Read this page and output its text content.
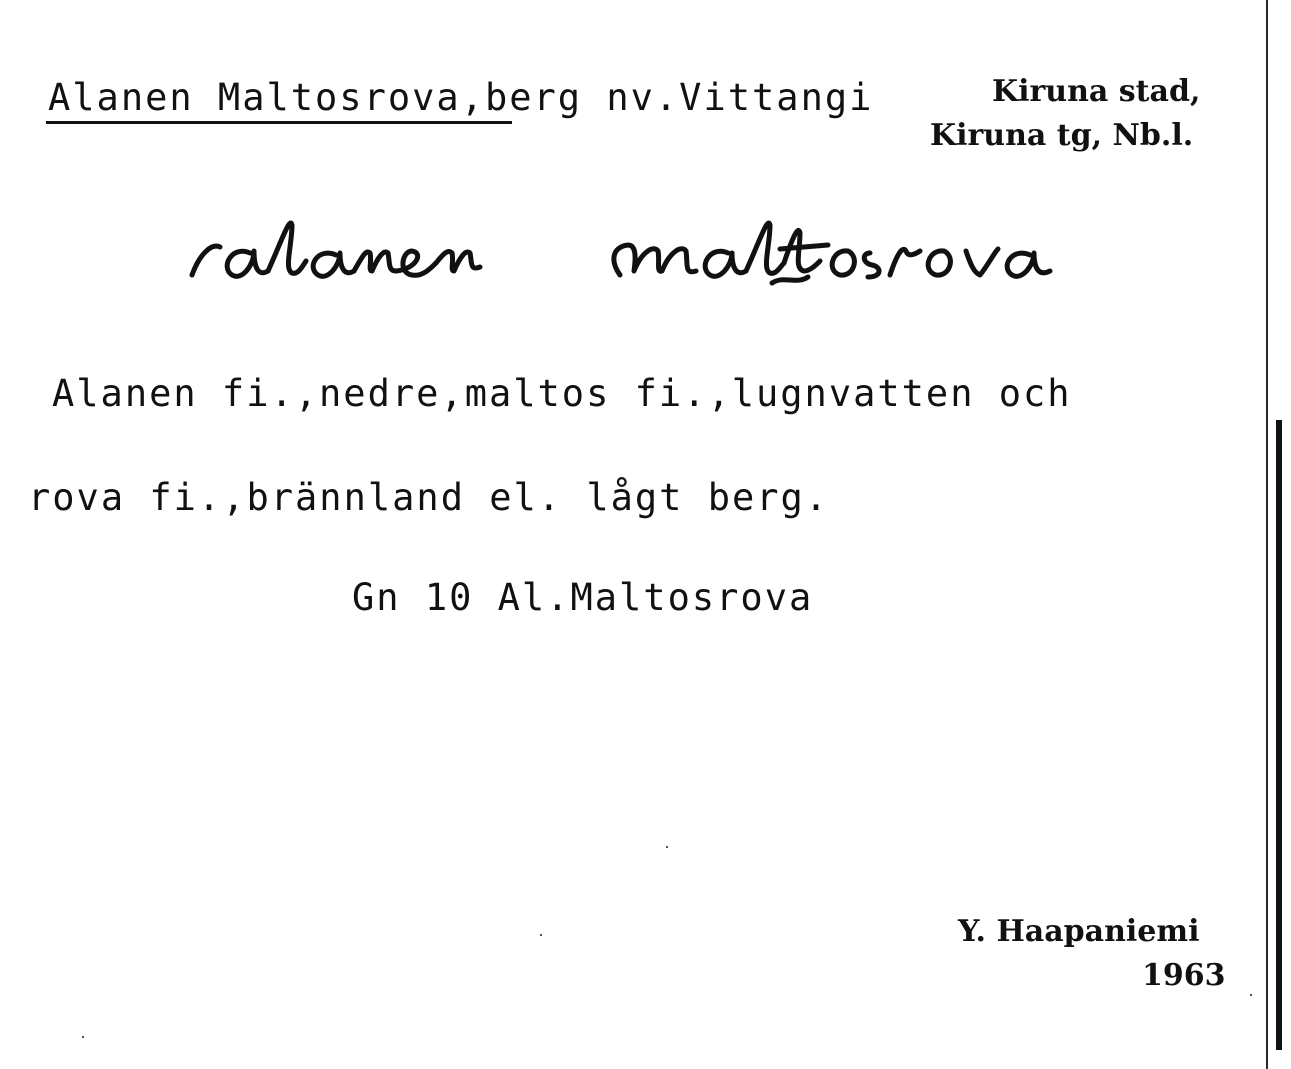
Alanen Maltosrova,berg nv.Vittangi	Kiruna stad,
Kiruna tg, Nb.l.
Alanen fi.,nedre,maltos fi.,lugnvatten och
rova fi.,brännland el. lågt berg.
Gn 10 Al.Maltosrova
Y. Haapaniemi
1963
